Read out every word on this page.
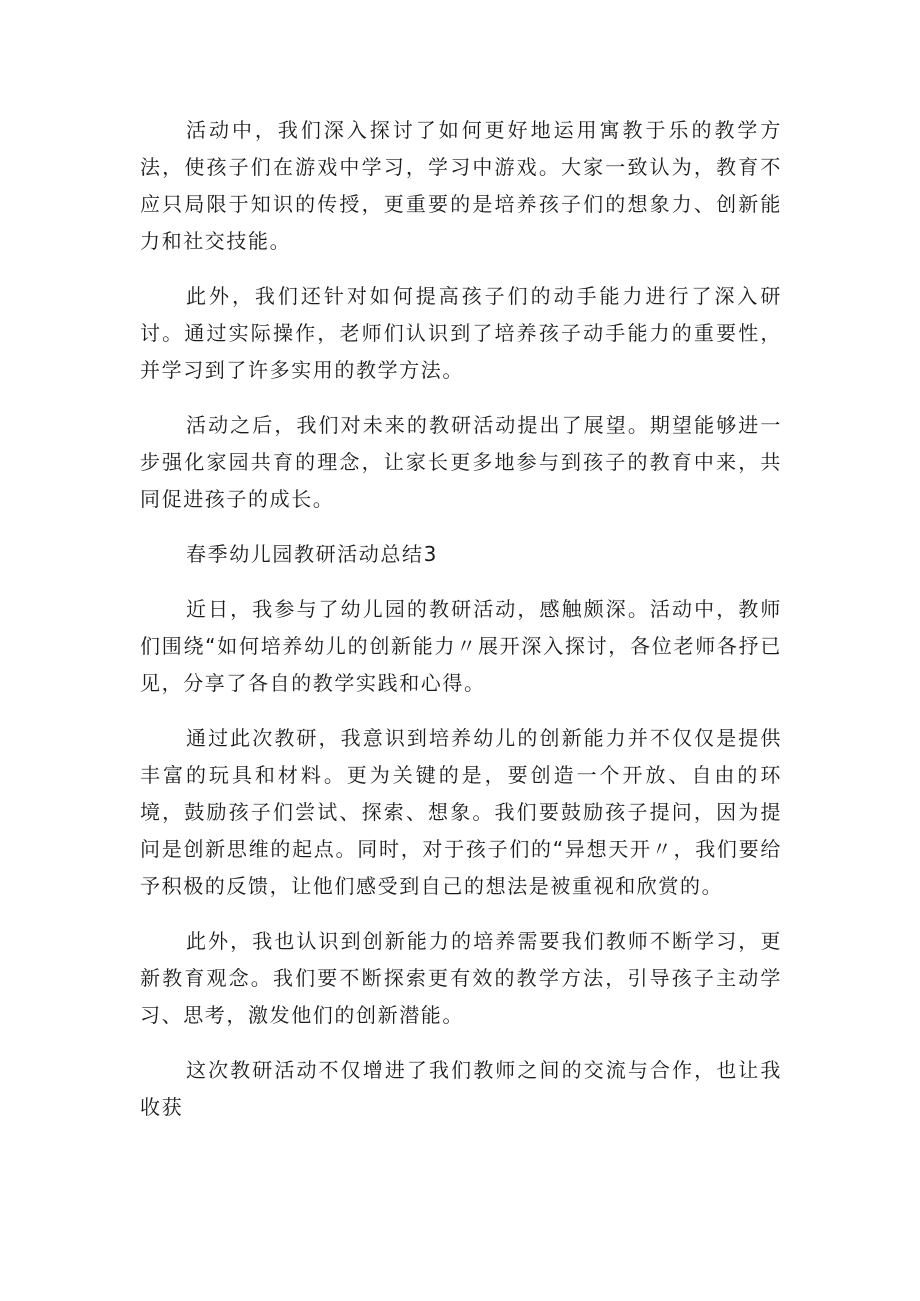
活动中，我们深入探讨了如何更好地运用寓教于乐的教学方法，使孩子们在游戏中学习，学习中游戏。大家一致认为，教育不应只局限于知识的传授，更重要的是培养孩子们的想象力、创新能力和社交技能。

此外，我们还针对如何提高孩子们的动手能力进行了深入研讨。通过实际操作，老师们认识到了培养孩子动手能力的重要性，并学习到了许多实用的教学方法。

活动之后，我们对未来的教研活动提出了展望。期望能够进一步强化家园共育的理念，让家长更多地参与到孩子的教育中来，共同促进孩子的成长。

春季幼儿园教研活动总结3

近日，我参与了幼儿园的教研活动，感触颇深。活动中，教师们围绕“如何培养幼儿的创新能力〃展开深入探讨，各位老师各抒已见，分享了各自的教学实践和心得。

通过此次教研，我意识到培养幼儿的创新能力并不仅仅是提供丰富的玩具和材料。更为关键的是，要创造一个开放、自由的环境，鼓励孩子们尝试、探索、想象。我们要鼓励孩子提问，因为提问是创新思维的起点。同时，对于孩子们的“异想天开〃，我们要给予积极的反馈，让他们感受到自己的想法是被重视和欣赏的。

此外，我也认识到创新能力的培养需要我们教师不断学习，更新教育观念。我们要不断探索更有效的教学方法，引导孩子主动学习、思考，激发他们的创新潜能。

这次教研活动不仅增进了我们教师之间的交流与合作，也让我收获
